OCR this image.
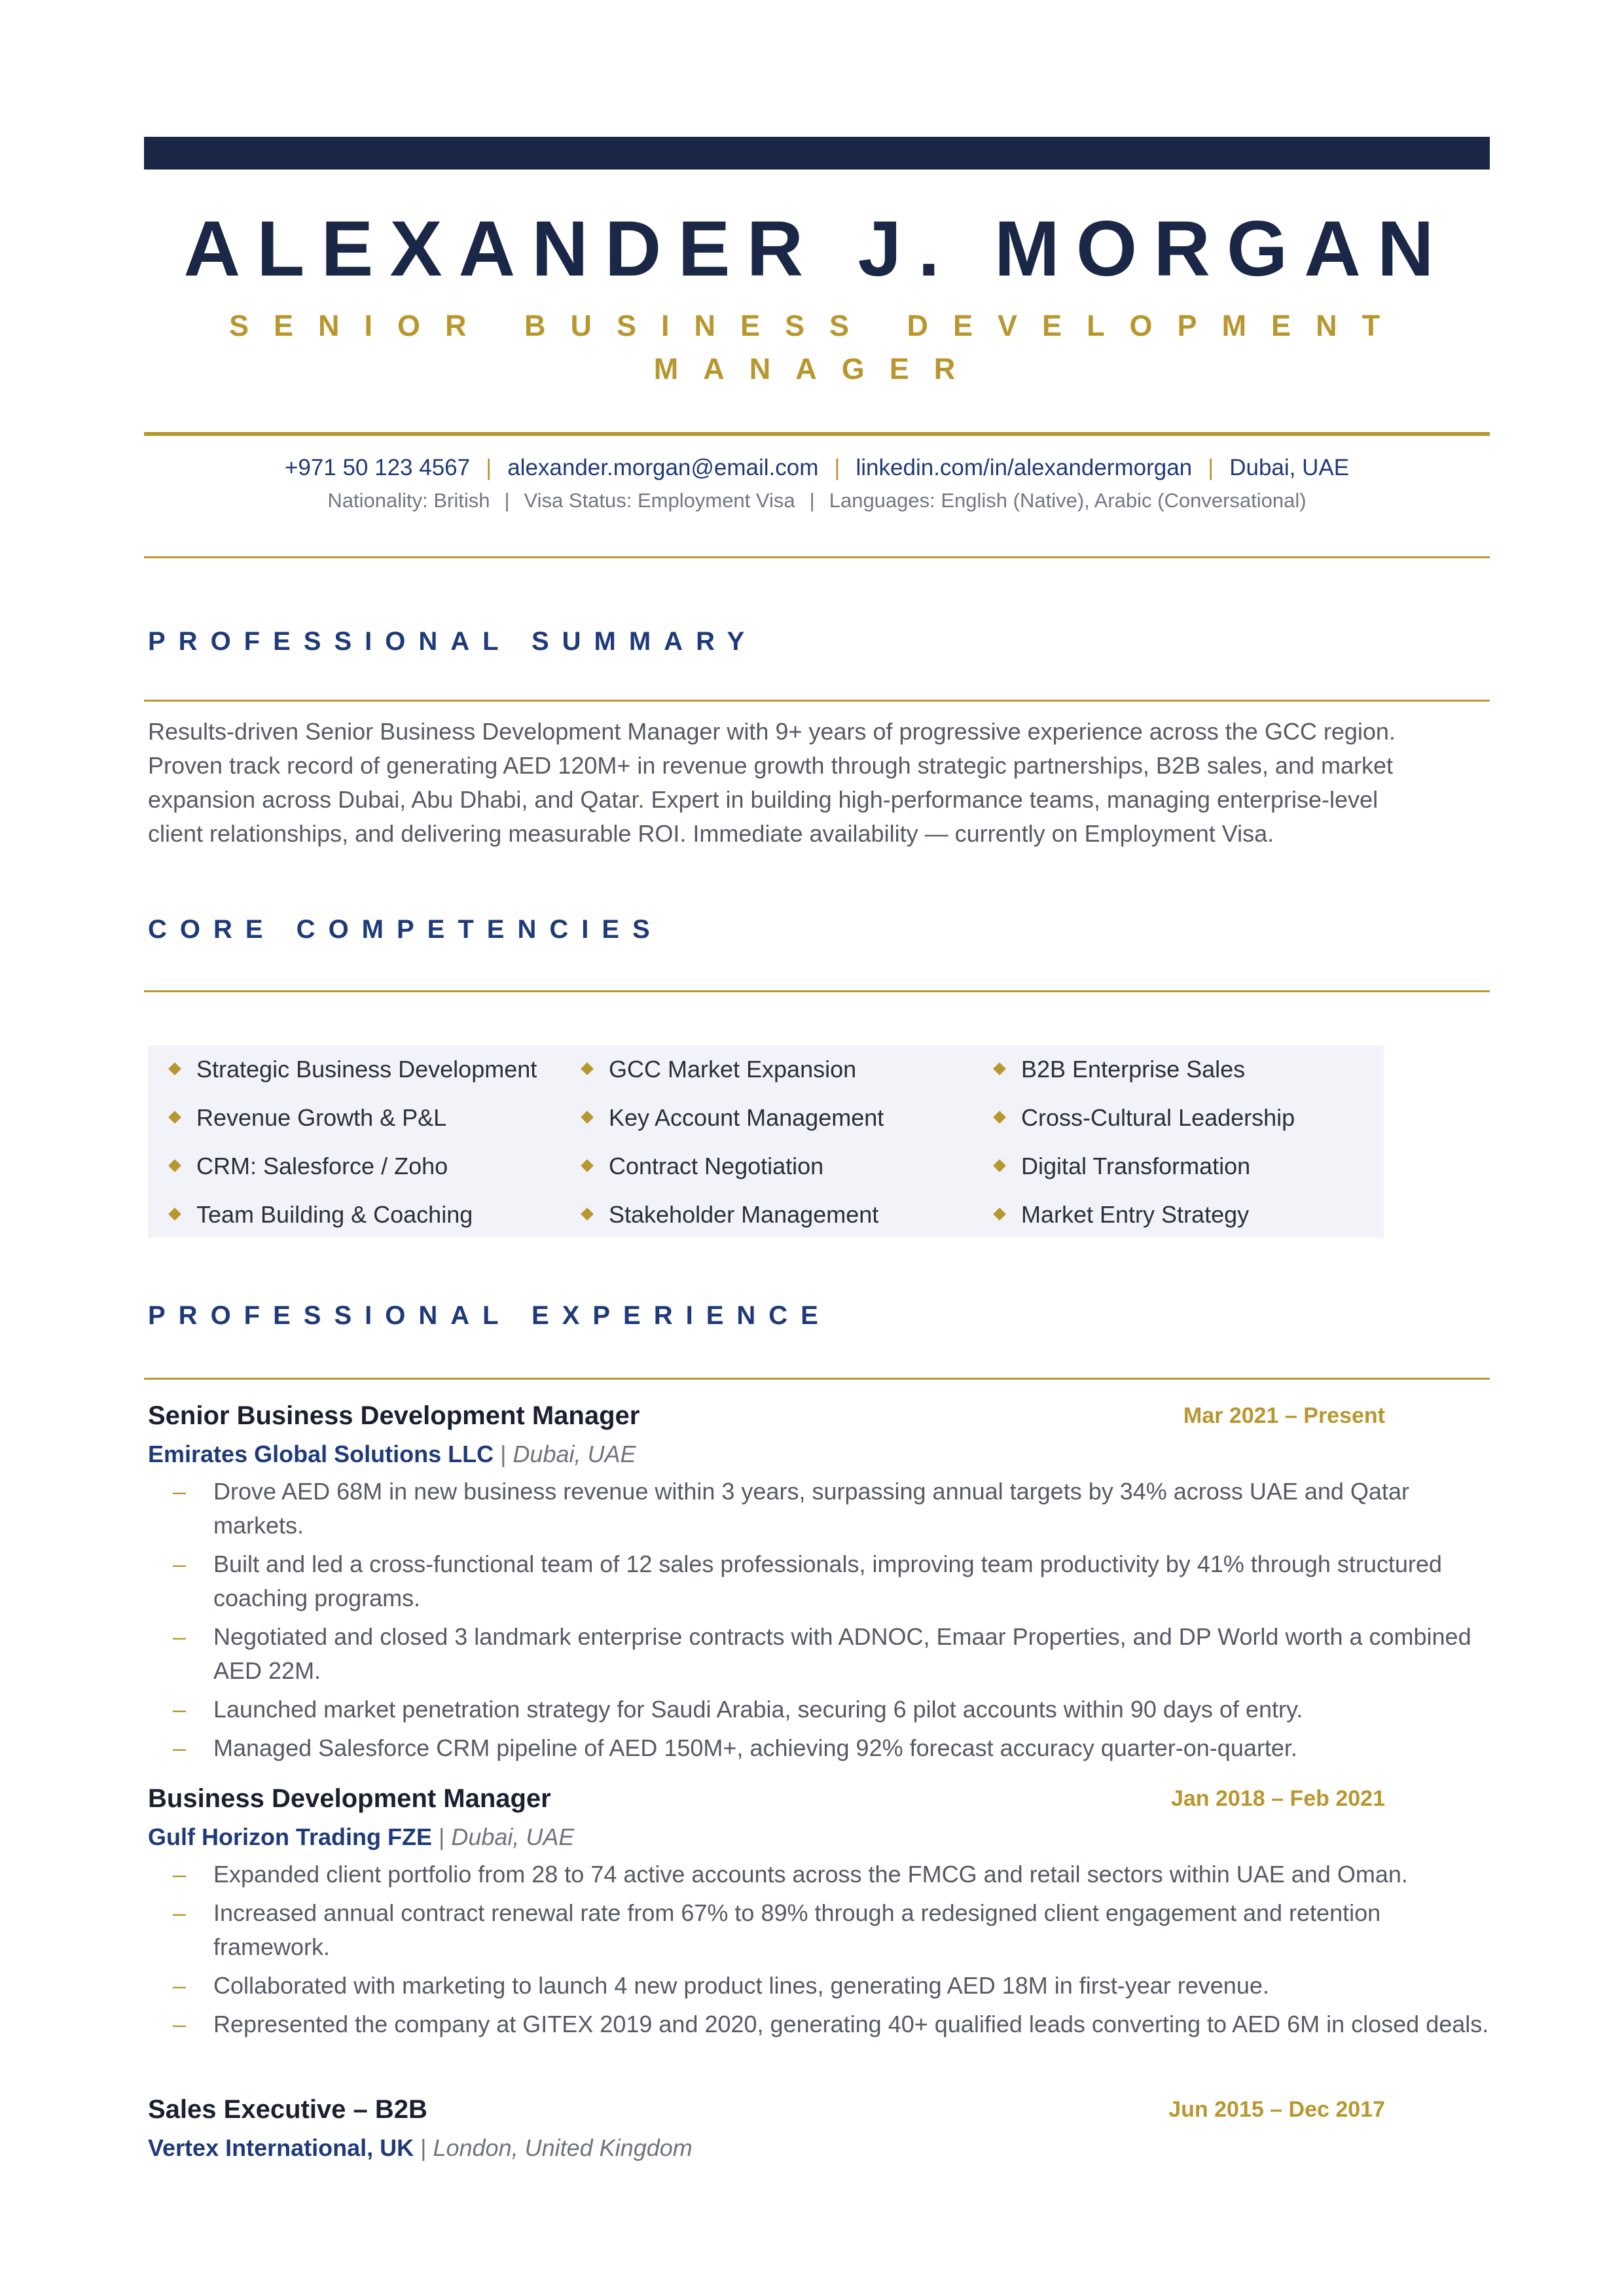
ALEXANDER J. MORGAN
SENIOR BUSINESS DEVELOPMENT
MANAGER
+971 50 123 4567 | alexander.morgan@email.com | linkedin.com/in/alexandermorgan | Dubai, UAE
Nationality: British | Visa Status: Employment Visa | Languages: English (Native), Arabic (Conversational)
PROFESSIONAL SUMMARY

Results-driven Senior Business Development Manager with 9+ years of progressive experience across the GCC region.

Proven track record of generating AED 120M+ in revenue growth through strategic partnerships, B2B sales, and market

expansion across Dubai, Abu Dhabi, and Qatar. Expert in building high-performance teams, managing enterprise-level

client relationships, and delivering measurable ROI. Immediate availability — currently on Employment Visa.

CORE COMPETENCIES
Strategic Business Development	GCC Market Expansion	B2B Enterprise Sales
Revenue Growth & P&L	Key Account Management	Cross-Cultural Leadership
CRM: Salesforce / Zoho	Contract Negotiation	Digital Transformation
Team Building & Coaching	Stakeholder Management	Market Entry Strategy
PROFESSIONAL EXPERIENCE
Senior Business Development Manager	Mar 2021 – Present
Emirates Global Solutions LLC | Dubai, UAE
– Drove AED 68M in new business revenue within 3 years, surpassing annual targets by 34% across UAE and Qatar markets.
– Built and led a cross-functional team of 12 sales professionals, improving team productivity by 41% through structured coaching programs.
– Negotiated and closed 3 landmark enterprise contracts with ADNOC, Emaar Properties, and DP World worth a combined AED 22M.
– Launched market penetration strategy for Saudi Arabia, securing 6 pilot accounts within 90 days of entry.
– Managed Salesforce CRM pipeline of AED 150M+, achieving 92% forecast accuracy quarter-on-quarter.
Business Development Manager	Jan 2018 – Feb 2021
Gulf Horizon Trading FZE | Dubai, UAE
– Expanded client portfolio from 28 to 74 active accounts across the FMCG and retail sectors within UAE and Oman.
– Increased annual contract renewal rate from 67% to 89% through a redesigned client engagement and retention framework.
– Collaborated with marketing to launch 4 new product lines, generating AED 18M in first-year revenue.
– Represented the company at GITEX 2019 and 2020, generating 40+ qualified leads converting to AED 6M in closed deals.
Sales Executive – B2B	Jun 2015 – Dec 2017
Vertex International, UK | London, United Kingdom
